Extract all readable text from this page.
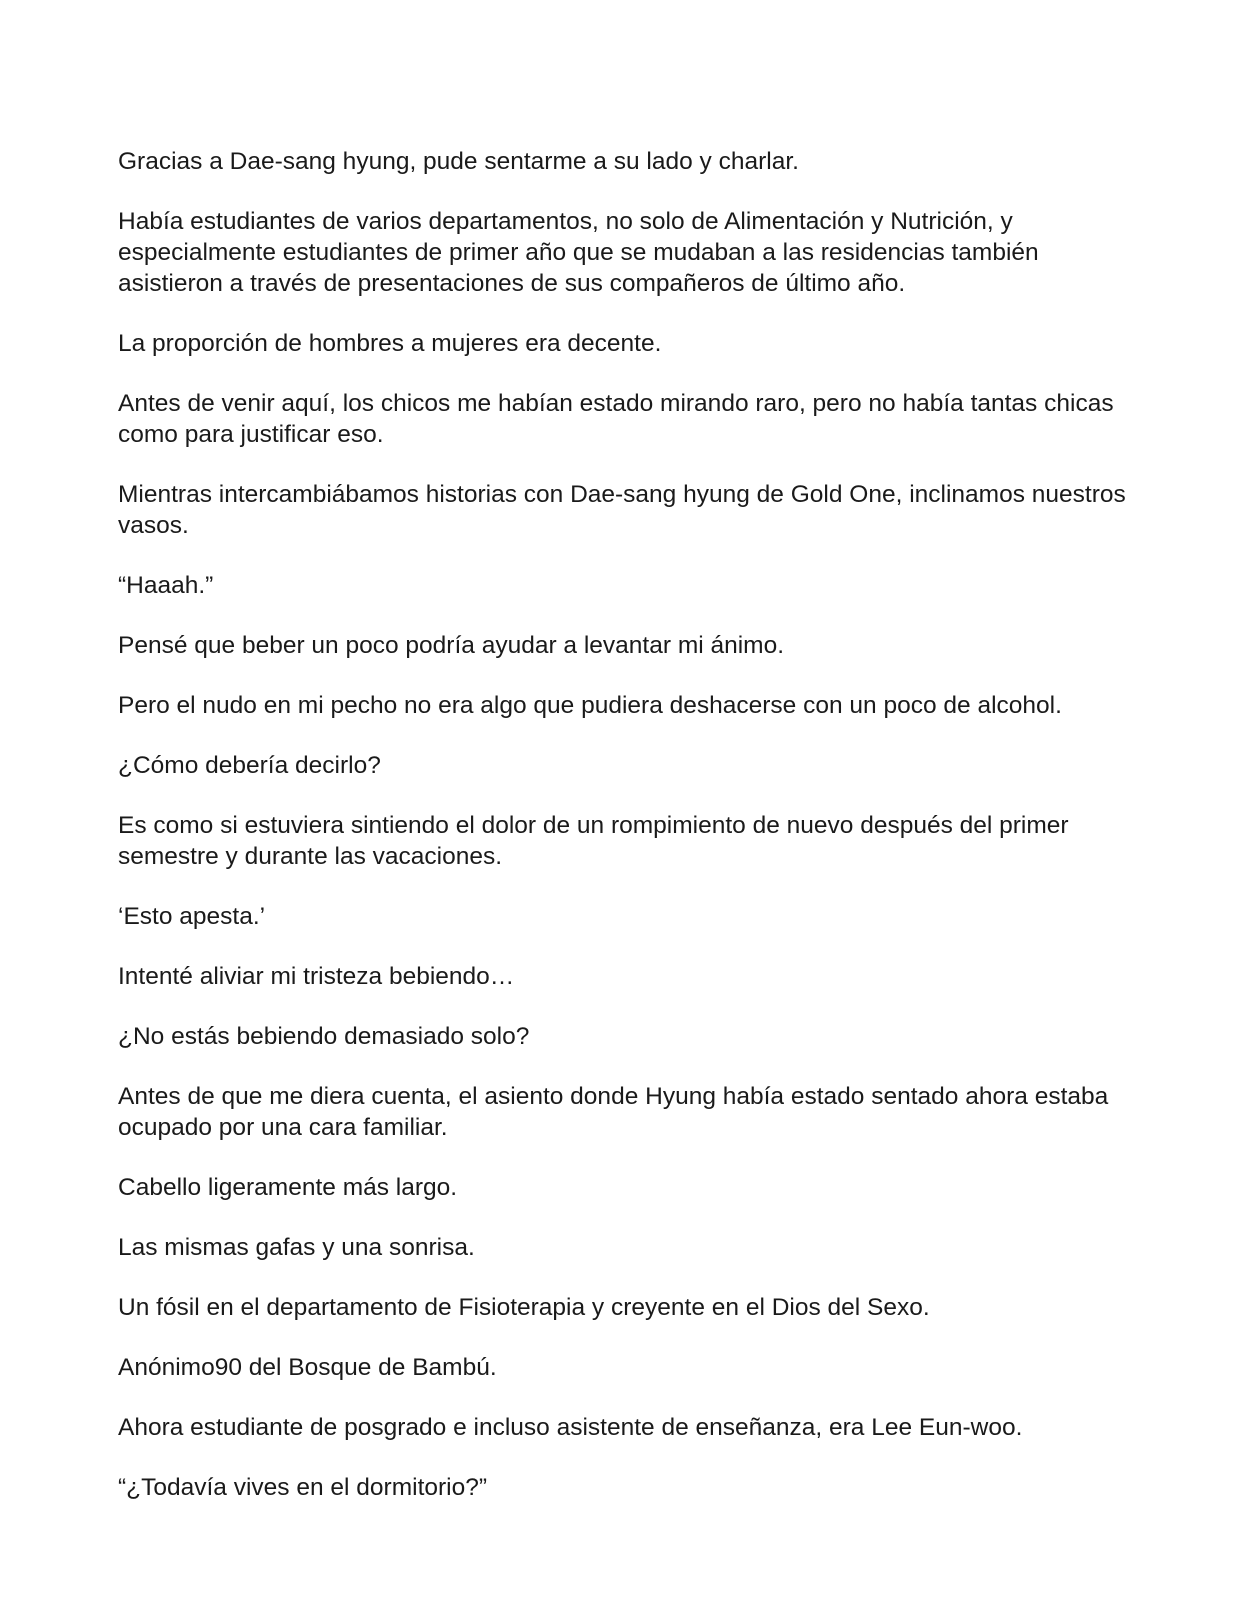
Gracias a Dae-sang hyung, pude sentarme a su lado y charlar.

Había estudiantes de varios departamentos, no solo de Alimentación y Nutrición, y especialmente estudiantes de primer año que se mudaban a las residencias también asistieron a través de presentaciones de sus compañeros de último año.

La proporción de hombres a mujeres era decente.

Antes de venir aquí, los chicos me habían estado mirando raro, pero no había tantas chicas como para justificar eso.

Mientras intercambiábamos historias con Dae-sang hyung de Gold One, inclinamos nuestros vasos.

“Haaah.”

Pensé que beber un poco podría ayudar a levantar mi ánimo.

Pero el nudo en mi pecho no era algo que pudiera deshacerse con un poco de alcohol.

¿Cómo debería decirlo?

Es como si estuviera sintiendo el dolor de un rompimiento de nuevo después del primer semestre y durante las vacaciones.

‘Esto apesta.’

Intenté aliviar mi tristeza bebiendo…

¿No estás bebiendo demasiado solo?

Antes de que me diera cuenta, el asiento donde Hyung había estado sentado ahora estaba ocupado por una cara familiar.

Cabello ligeramente más largo.

Las mismas gafas y una sonrisa.

Un fósil en el departamento de Fisioterapia y creyente en el Dios del Sexo.

Anónimo90 del Bosque de Bambú.

Ahora estudiante de posgrado e incluso asistente de enseñanza, era Lee Eun-woo.

“¿Todavía vives en el dormitorio?”
